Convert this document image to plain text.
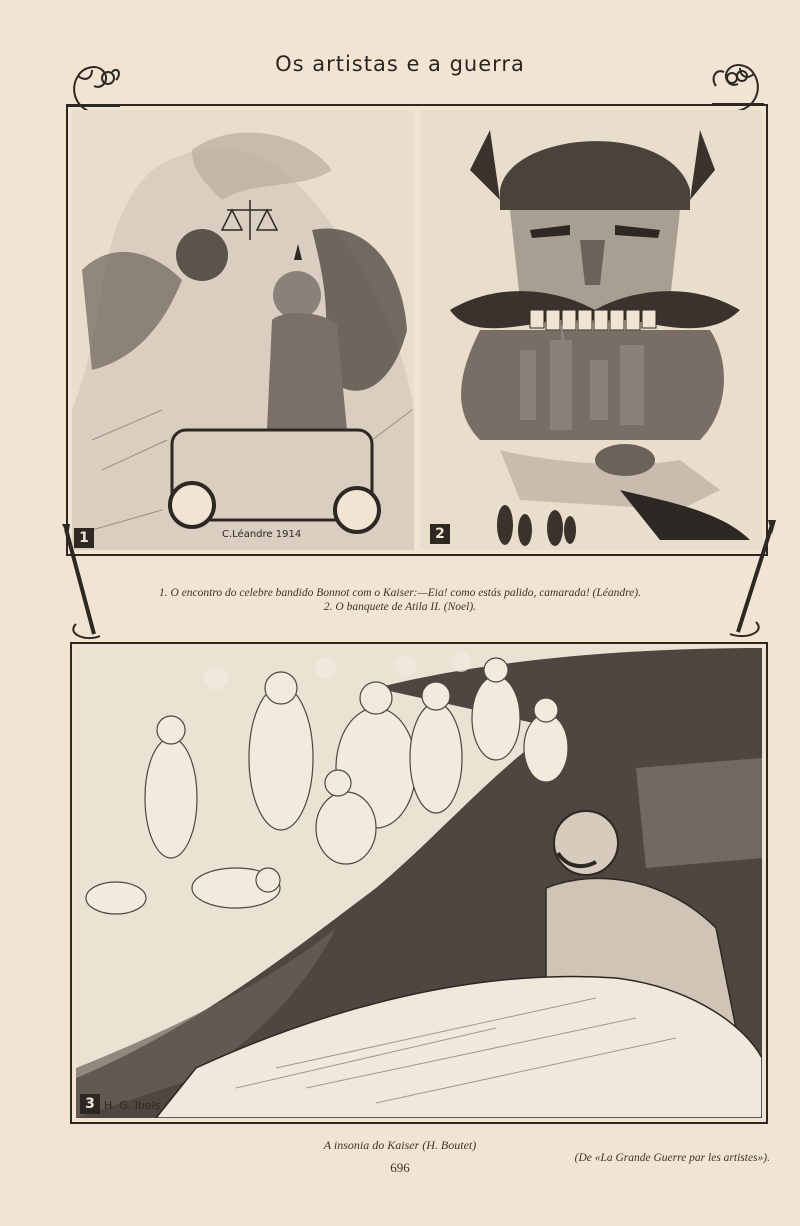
Os artistas e a guerra
1	C.Léandre 1914	2
1. O encontro do celebre bandido Bonnot com o Kaiser:—Eia! como estás palido, camarada! (Léandre).
2. O banquete de Atila II. (Noel).
3 H. G. Ibels
A insonia do Kaiser (H. Boutet)
(De «La Grande Guerre par les artistes»).
696
